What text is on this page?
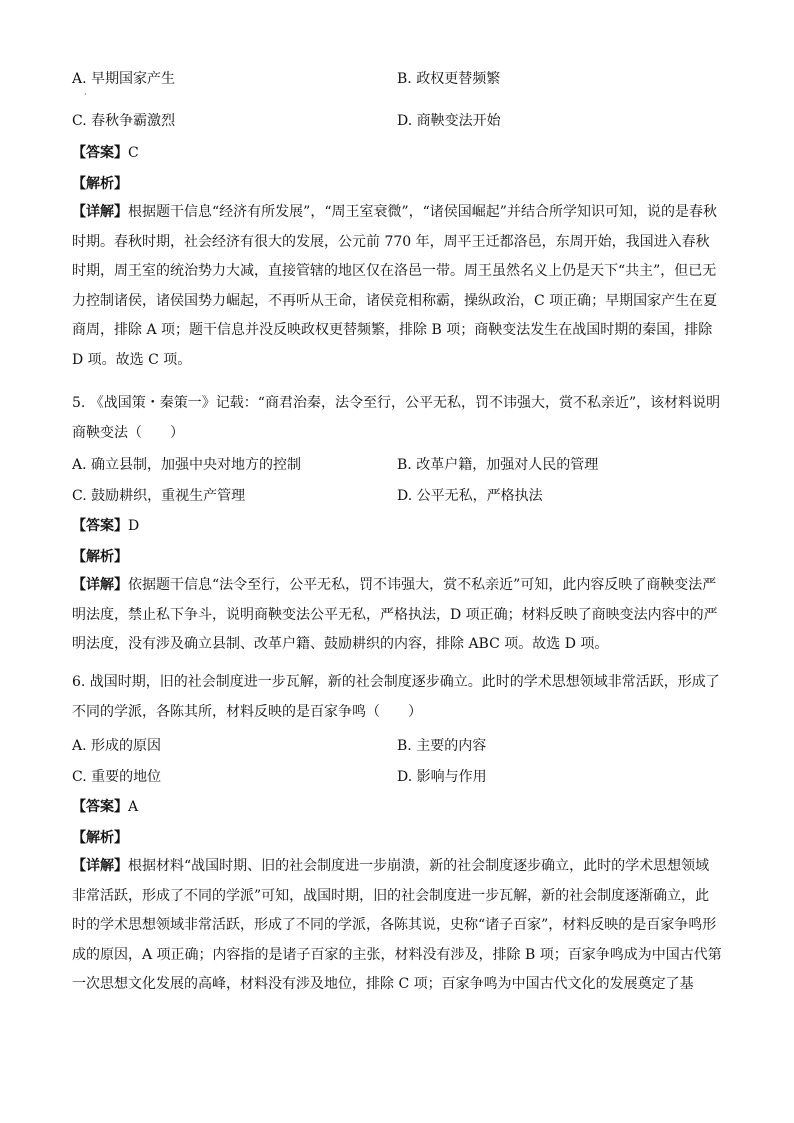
A. 早期国家产生	B. 政权更替频繁
·
C. 春秋争霸激烈	D. 商鞅变法开始
【答案】C
【解析】
【详解】根据题干信息“经济有所发展”，“周王室衰微”，“诸侯国崛起”并结合所学知识可知，说的是春秋时期。春秋时期，社会经济有很大的发展，公元前 770 年，周平王迁都洛邑，东周开始，我国进入春秋时期，周王室的统治势力大减，直接管辖的地区仅在洛邑一带。周王虽然名义上仍是天下“共主”，但已无力控制诸侯，诸侯国势力崛起，不再听从王命，诸侯竞相称霸，操纵政治，C 项正确；早期国家产生在夏商周，排除 A 项；题干信息并没反映政权更替频繁，排除 B 项；商鞅变法发生在战国时期的秦国，排除 D 项。故选 C 项。
5. 《战国策・秦策一》记载：“商君治秦，法令至行，公平无私，罚不讳强大，赏不私亲近”，该材料说明商鞅变法（　　）
A. 确立县制，加强中央对地方的控制	B. 改革户籍，加强对人民的管理
C. 鼓励耕织，重视生产管理	D. 公平无私，严格执法
【答案】D
【解析】
【详解】依据题干信息“法令至行，公平无私，罚不讳强大，赏不私亲近”可知，此内容反映了商鞅变法严明法度，禁止私下争斗，说明商鞅变法公平无私，严格执法，D 项正确；材料反映了商映变法内容中的严明法度，没有涉及确立县制、改革户籍、鼓励耕织的内容，排除 ABC 项。故选 D 项。
6. 战国时期，旧的社会制度进一步瓦解，新的社会制度逐步确立。此时的学术思想领域非常活跃，形成了不同的学派，各陈其所，材料反映的是百家争鸣（　　）
A. 形成的原因	B. 主要的内容
C. 重要的地位	D. 影响与作用
【答案】A
【解析】
【详解】根据材料“战国时期、旧的社会制度进一步崩溃，新的社会制度逐步确立，此时的学术思想领域非常活跃，形成了不同的学派”可知，战国时期，旧的社会制度进一步瓦解，新的社会制度逐渐确立，此时的学术思想领域非常活跃，形成了不同的学派，各陈其说，史称“诸子百家”，材料反映的是百家争鸣形成的原因，A 项正确；内容指的是诸子百家的主张，材料没有涉及，排除 B 项；百家争鸣成为中国古代第一次思想文化发展的高峰，材料没有涉及地位，排除 C 项；百家争鸣为中国古代文化的发展奠定了基
